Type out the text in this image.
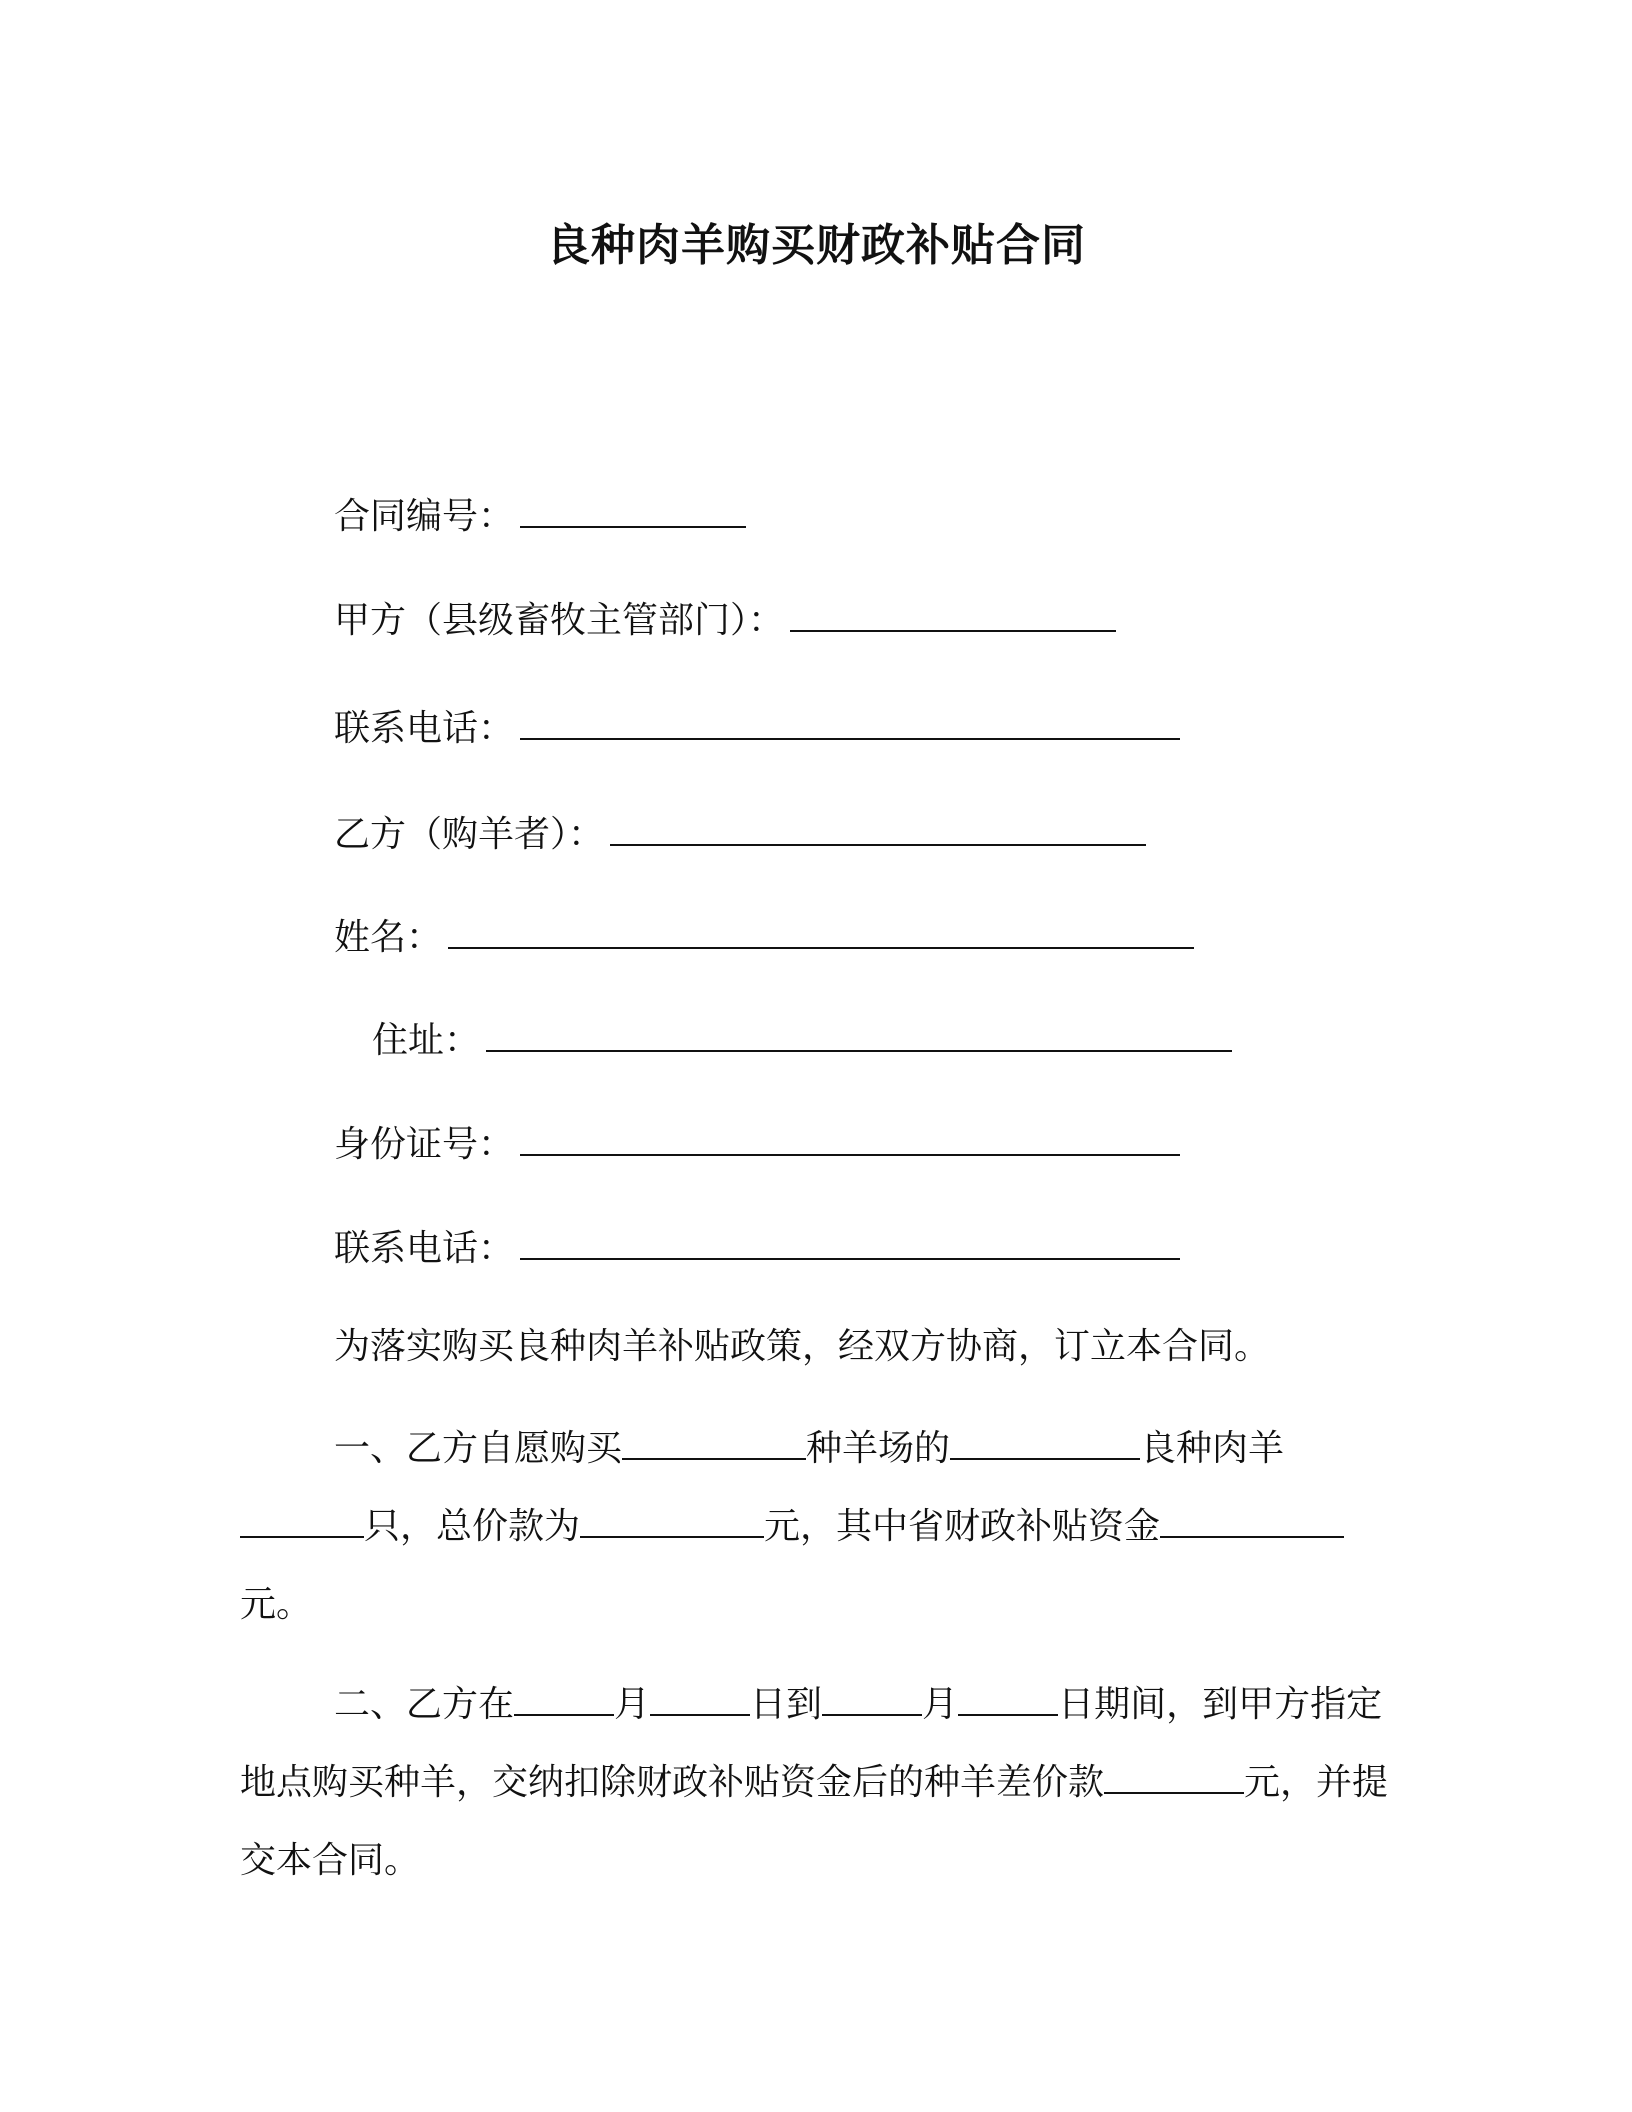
良种肉羊购买财政补贴合同
合同编号：
甲方（县级畜牧主管部门）：
联系电话：
乙方（购羊者）：
姓名：
住址：
身份证号：
联系电话：
为落实购买良种肉羊补贴政策，经双方协商，订立本合同。
一、乙方自愿购买	种羊场的	良种肉羊
只，总价款为	元，其中省财政补贴资金
元。
二、乙方在	月	日到	月	日期间，到甲方指定地点购买种羊，交纳扣除财政补贴资金后的种羊差价款	元，并提交本合同。
